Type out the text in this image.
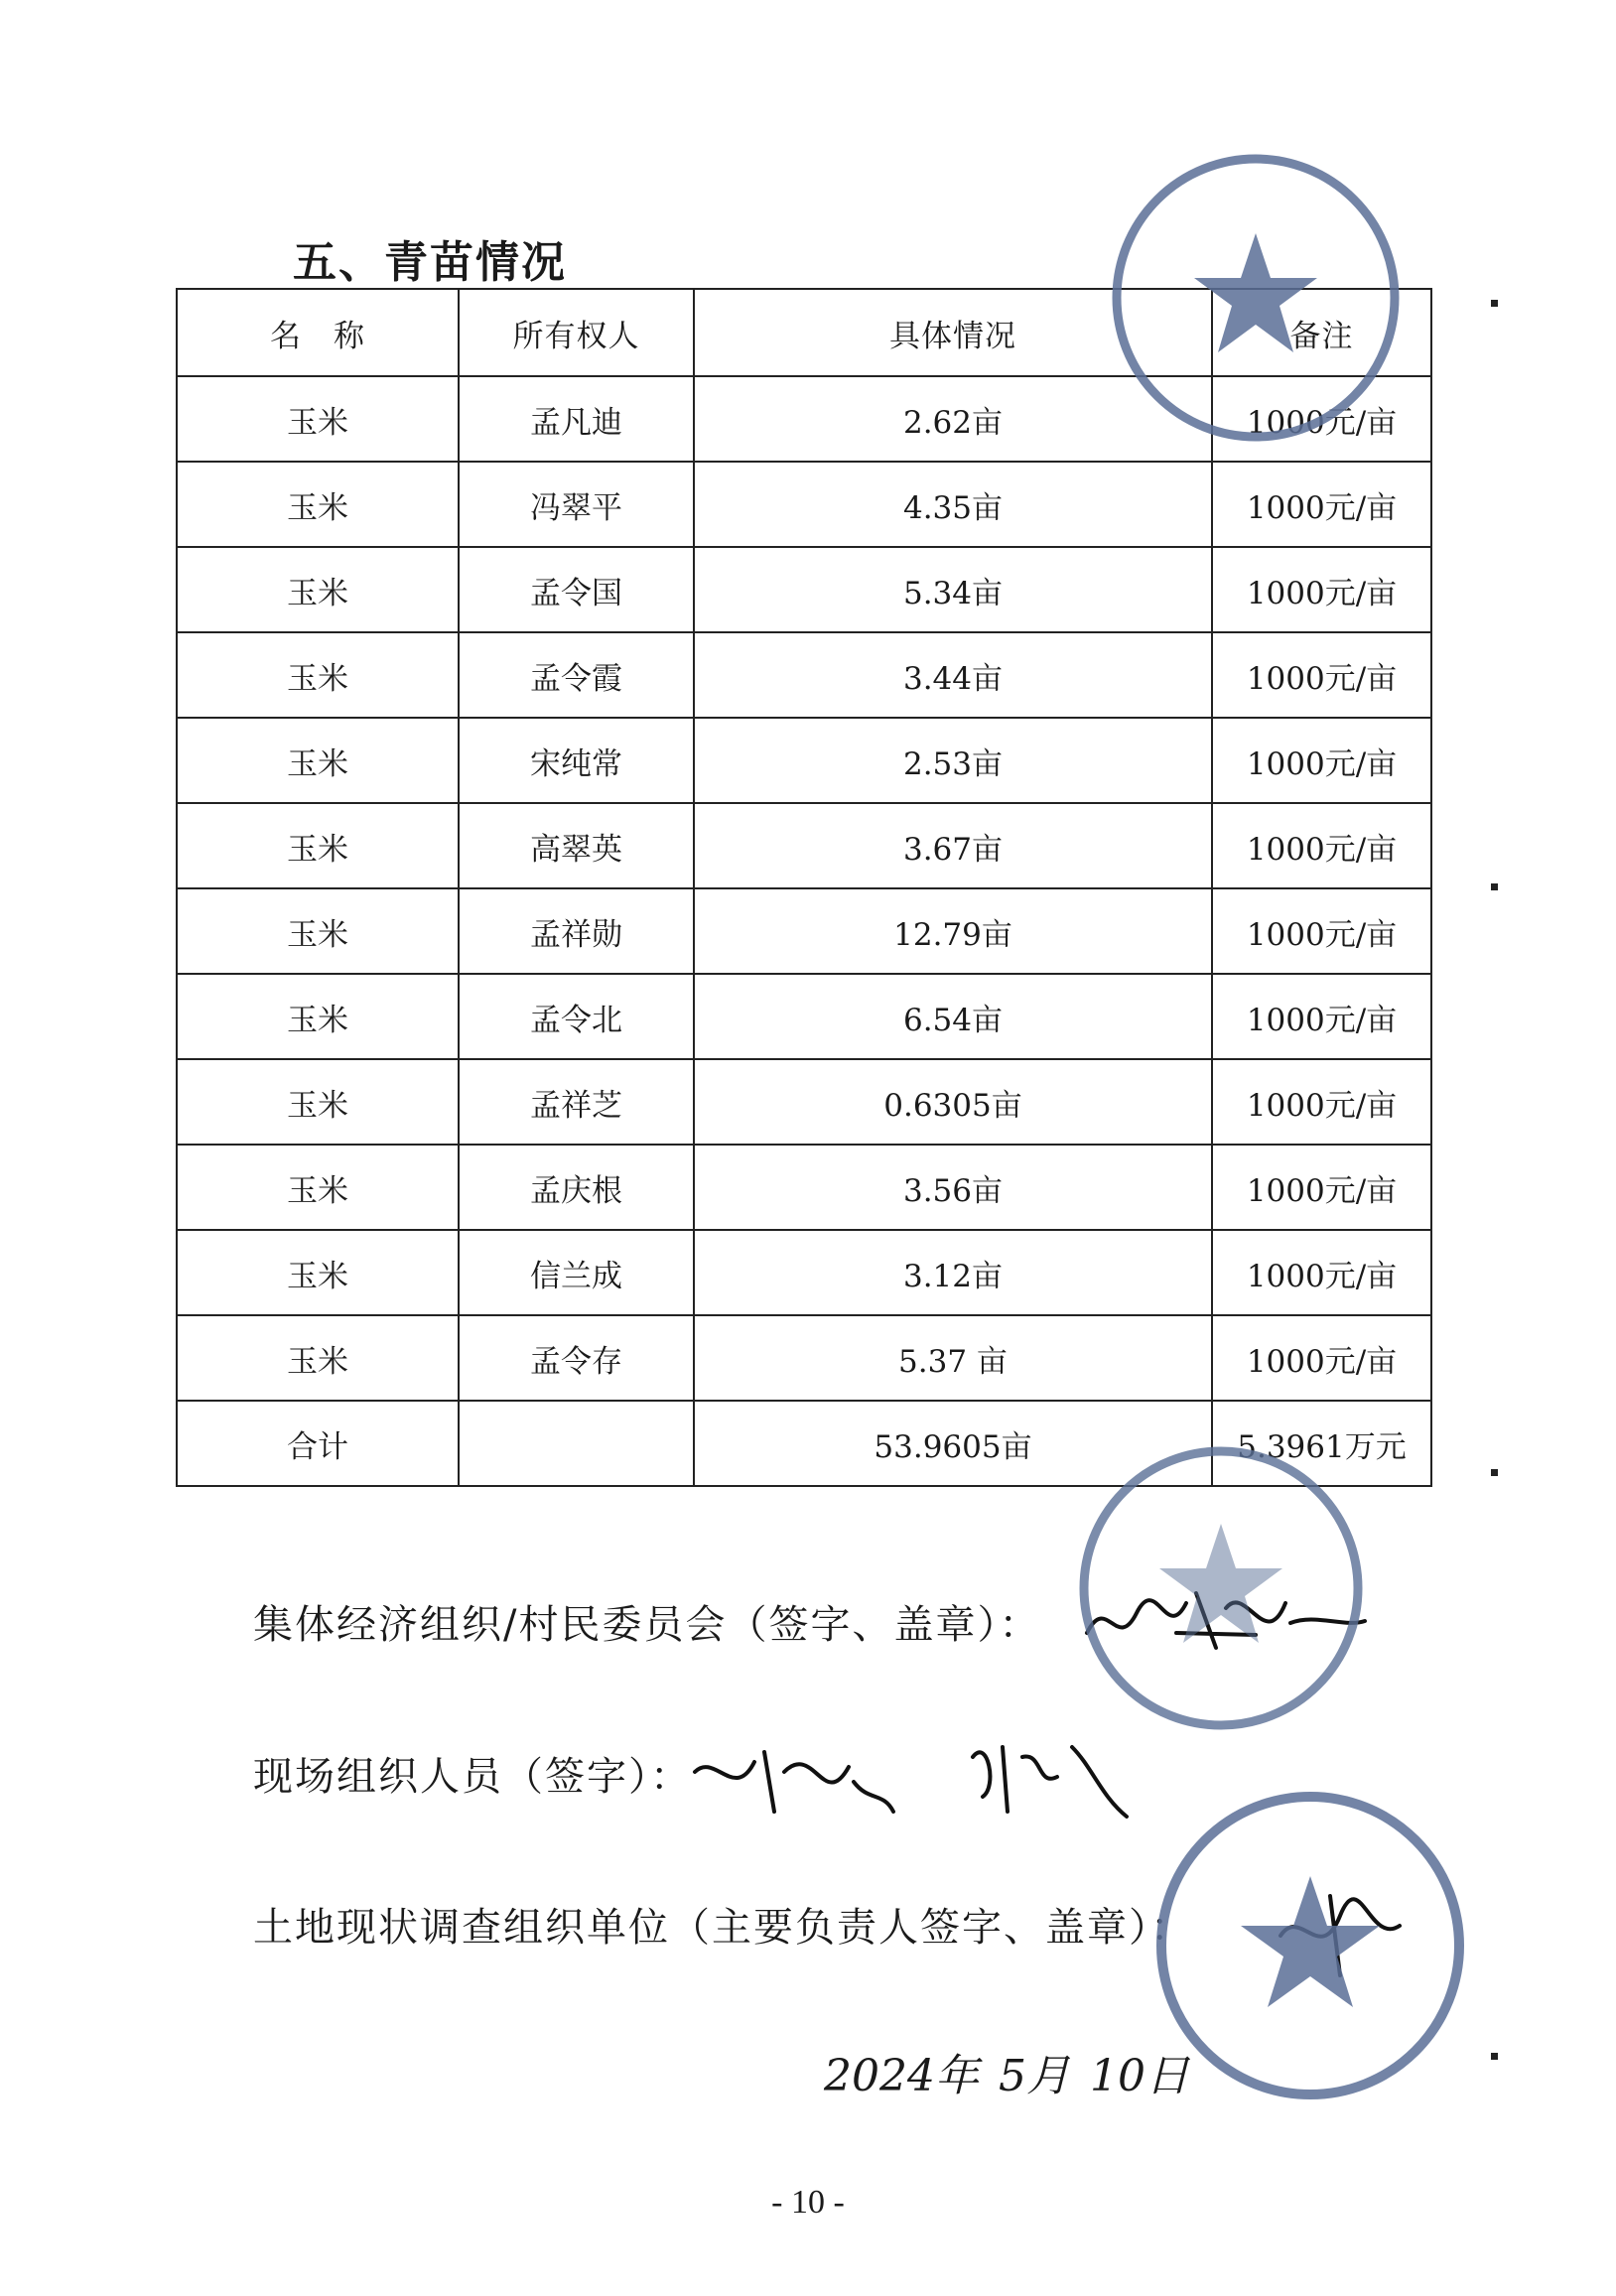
五、青苗情况
名　称	所有权人	具体情况	备注
玉米	孟凡迪	2.62亩	1000元/亩
玉米	冯翠平	4.35亩	1000元/亩
玉米	孟令国	5.34亩	1000元/亩
玉米	孟令霞	3.44亩	1000元/亩
玉米	宋纯常	2.53亩	1000元/亩
玉米	高翠英	3.67亩	1000元/亩
玉米	孟祥勋	12.79亩	1000元/亩
玉米	孟令北	6.54亩	1000元/亩
玉米	孟祥芝	0.6305亩	1000元/亩
玉米	孟庆根	3.56亩	1000元/亩
玉米	信兰成	3.12亩	1000元/亩
玉米	孟令存	5.37 亩	1000元/亩
合计		53.9605亩	5.3961万元
集体经济组织/村民委员会（签字、盖章）：
现场组织人员（签字）：
土地现状调查组织单位（主要负责人签字、盖章）：
2024年 5月 10日
- 10 -
